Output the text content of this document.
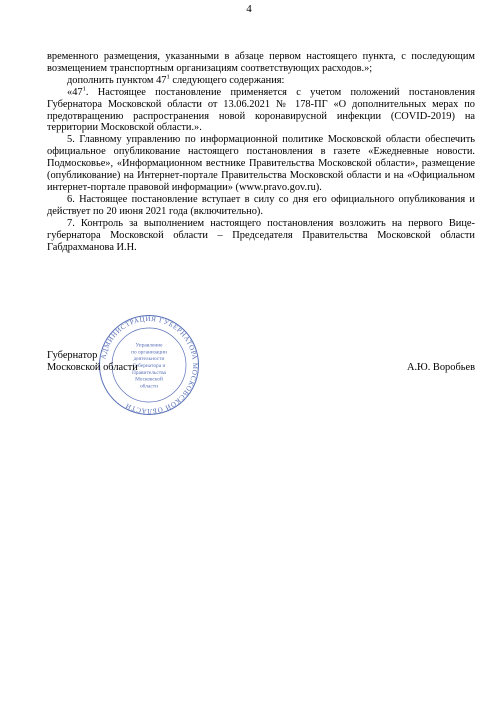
4

временного размещения, указанными в абзаце первом настоящего пункта, с последующим возмещением транспортным организациям соответствующих расходов.»;

дополнить пунктом $47^1$ следующего содержания:

«$47^1$. Настоящее постановление применяется с учетом положений постановления Губернатора Московской области от 13.06.2021 № 178-ПГ «О дополнительных мерах по предотвращению распространения новой коронавирусной инфекции (COVID-2019) на территории Московской области.».

5. Главному управлению по информационной политике Московской области обеспечить официальное опубликование настоящего постановления в газете «Ежедневные новости. Подмосковье», «Информационном вестнике Правительства Московской области», размещение (опубликование) на Интернет-портале Правительства Московской области и на «Официальном интернет-портале правовой информации» (www.pravo.gov.ru).

6. Настоящее постановление вступает в силу со дня его официального опубликования и действует по 20 июня 2021 года (включительно).

7. Контроль за выполнением настоящего постановления возложить на первого Вице-губернатора Московской области – Председателя Правительства Московской области Габдрахманова И.Н.

АДМИНИСТРАЦИЯ ГУБЕРНАТОРА МОСКОВСКОЙ ОБЛАСТИ
Управление
по организации
деятельности
Губернатора и
Правительства
Московской
области
Губернатор
Московской области	А.Ю. Воробьев
